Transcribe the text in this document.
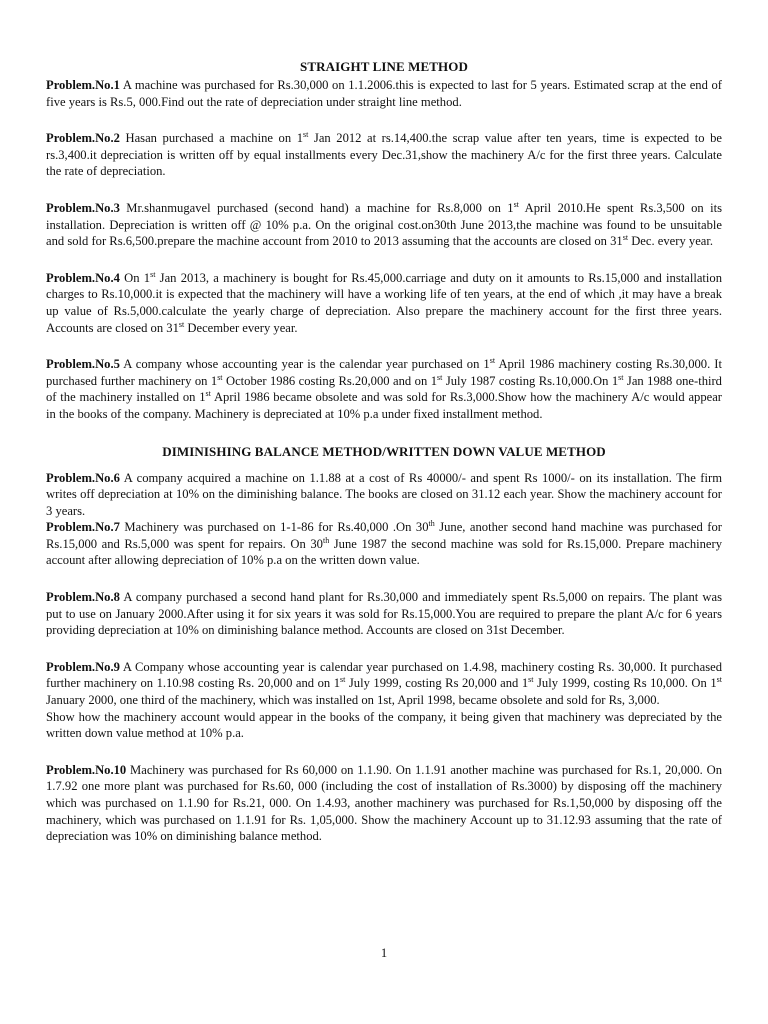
STRAIGHT LINE METHOD

Problem.No.1 A machine was purchased for Rs.30,000 on 1.1.2006.this is expected to last for 5 years. Estimated scrap at the end of five years is Rs.5, 000.Find out the rate of depreciation under straight line method.

Problem.No.2 Hasan purchased a machine on 1st Jan 2012 at rs.14,400.the scrap value after ten years, time is expected to be rs.3,400.it depreciation is written off by equal installments every Dec.31,show the machinery A/c for the first three years. Calculate the rate of depreciation.

Problem.No.3 Mr.shanmugavel purchased (second hand) a machine for Rs.8,000 on 1st April 2010.He spent Rs.3,500 on its installation. Depreciation is written off @ 10% p.a. On the original cost.on30th June 2013,the machine was found to be unsuitable and sold for Rs.6,500.prepare the machine account from 2010 to 2013 assuming that the accounts are closed on 31st Dec. every year.

Problem.No.4 On 1st Jan 2013, a machinery is bought for Rs.45,000.carriage and duty on it amounts to Rs.15,000 and installation charges to Rs.10,000.it is expected that the machinery will have a working life of ten years, at the end of which ,it may have a break up value of Rs.5,000.calculate the yearly charge of depreciation. Also prepare the machinery account for the first three years. Accounts are closed on 31st December every year.

Problem.No.5 A company whose accounting year is the calendar year purchased on 1st April 1986 machinery costing Rs.30,000. It purchased further machinery on 1st October 1986 costing Rs.20,000 and on 1st July 1987 costing Rs.10,000.On 1st Jan 1988 one-third of the machinery installed on 1st April 1986 became obsolete and was sold for Rs.3,000.Show how the machinery A/c would appear in the books of the company. Machinery is depreciated at 10% p.a under fixed installment method.

DIMINISHING BALANCE METHOD/WRITTEN DOWN VALUE METHOD

Problem.No.6 A company acquired a machine on 1.1.88 at a cost of Rs 40000/- and spent Rs 1000/- on its installation. The firm writes off depreciation at 10% on the diminishing balance. The books are closed on 31.12 each year. Show the machinery account for 3 years.

Problem.No.7 Machinery was purchased on 1-1-86 for Rs.40,000 .On 30th June, another second hand machine was purchased for Rs.15,000 and Rs.5,000 was spent for repairs. On 30th June 1987 the second machine was sold for Rs.15,000. Prepare machinery account after allowing depreciation of 10% p.a on the written down value.

Problem.No.8 A company purchased a second hand plant for Rs.30,000 and immediately spent Rs.5,000 on repairs. The plant was put to use on January 2000.After using it for six years it was sold for Rs.15,000.You are required to prepare the plant A/c for 6 years providing depreciation at 10% on diminishing balance method. Accounts are closed on 31st December.

Problem.No.9 A Company whose accounting year is calendar year purchased on 1.4.98, machinery costing Rs. 30,000. It purchased further machinery on 1.10.98 costing Rs. 20,000 and on 1st July 1999, costing Rs 20,000 and 1st July 1999, costing Rs 10,000. On 1st January 2000, one third of the machinery, which was installed on 1st, April 1998, became obsolete and sold for Rs, 3,000.

Show how the machinery account would appear in the books of the company, it being given that machinery was depreciated by the written down value method at 10% p.a.

Problem.No.10 Machinery was purchased for Rs 60,000 on 1.1.90. On 1.1.91 another machine was purchased for Rs.1, 20,000. On 1.7.92 one more plant was purchased for Rs.60, 000 (including the cost of installation of Rs.3000) by disposing off the machinery which was purchased on 1.1.90 for Rs.21, 000. On 1.4.93, another machinery was purchased for Rs.1,50,000 by disposing off the machinery, which was purchased on 1.1.91 for Rs. 1,05,000. Show the machinery Account up to 31.12.93 assuming that the rate of depreciation was 10% on diminishing balance method.

1
